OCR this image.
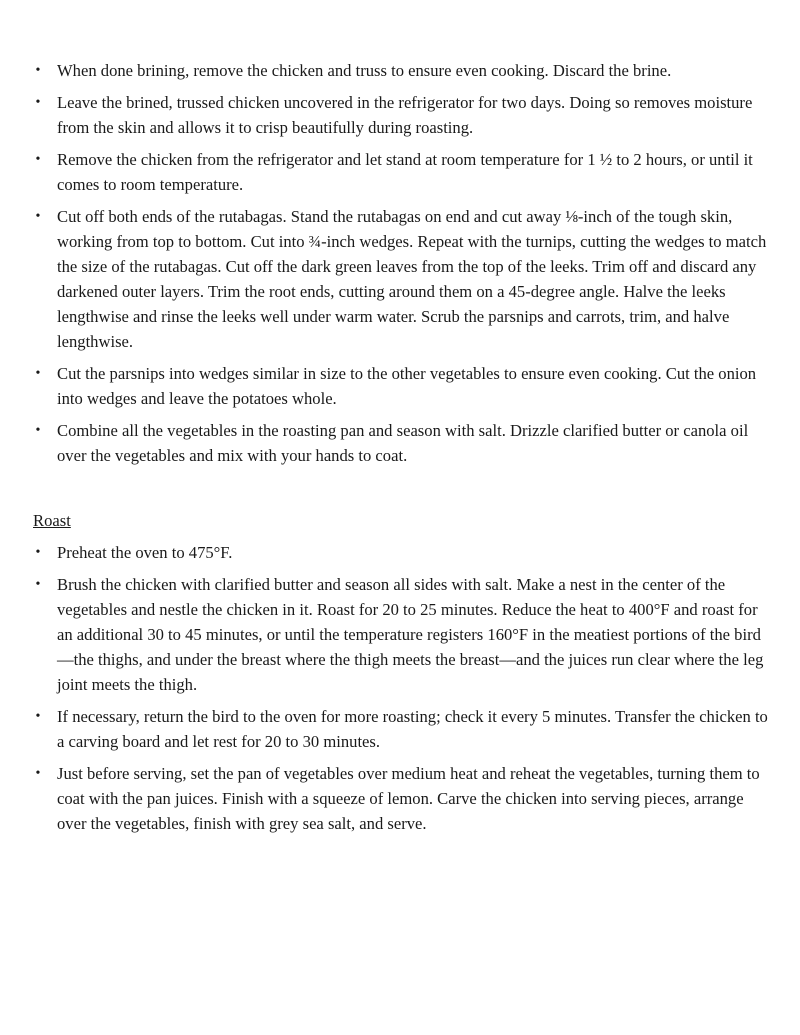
• When done brining, remove the chicken and truss to ensure even cooking. Discard the brine.
• Leave the brined, trussed chicken uncovered in the refrigerator for two days. Doing so removes moisture from the skin and allows it to crisp beautifully during roasting.
• Remove the chicken from the refrigerator and let stand at room temperature for 1 ½ to 2 hours, or until it comes to room temperature.
• Cut off both ends of the rutabagas. Stand the rutabagas on end and cut away ⅛-inch of the tough skin, working from top to bottom. Cut into ¾-inch wedges. Repeat with the turnips, cutting the wedges to match the size of the rutabagas. Cut off the dark green leaves from the top of the leeks. Trim off and discard any darkened outer layers. Trim the root ends, cutting around them on a 45-degree angle. Halve the leeks lengthwise and rinse the leeks well under warm water. Scrub the parsnips and carrots, trim, and halve lengthwise.
• Cut the parsnips into wedges similar in size to the other vegetables to ensure even cooking. Cut the onion into wedges and leave the potatoes whole.
• Combine all the vegetables in the roasting pan and season with salt. Drizzle clarified butter or canola oil over the vegetables and mix with your hands to coat.
Roast
• Preheat the oven to 475°F.
• Brush the chicken with clarified butter and season all sides with salt. Make a nest in the center of the vegetables and nestle the chicken in it. Roast for 20 to 25 minutes. Reduce the heat to 400°F and roast for an additional 30 to 45 minutes, or until the temperature registers 160°F in the meatiest portions of the bird—the thighs, and under the breast where the thigh meets the breast—and the juices run clear where the leg joint meets the thigh.
• If necessary, return the bird to the oven for more roasting; check it every 5 minutes. Transfer the chicken to a carving board and let rest for 20 to 30 minutes.
• Just before serving, set the pan of vegetables over medium heat and reheat the vegetables, turning them to coat with the pan juices. Finish with a squeeze of lemon. Carve the chicken into serving pieces, arrange over the vegetables, finish with grey sea salt, and serve.
